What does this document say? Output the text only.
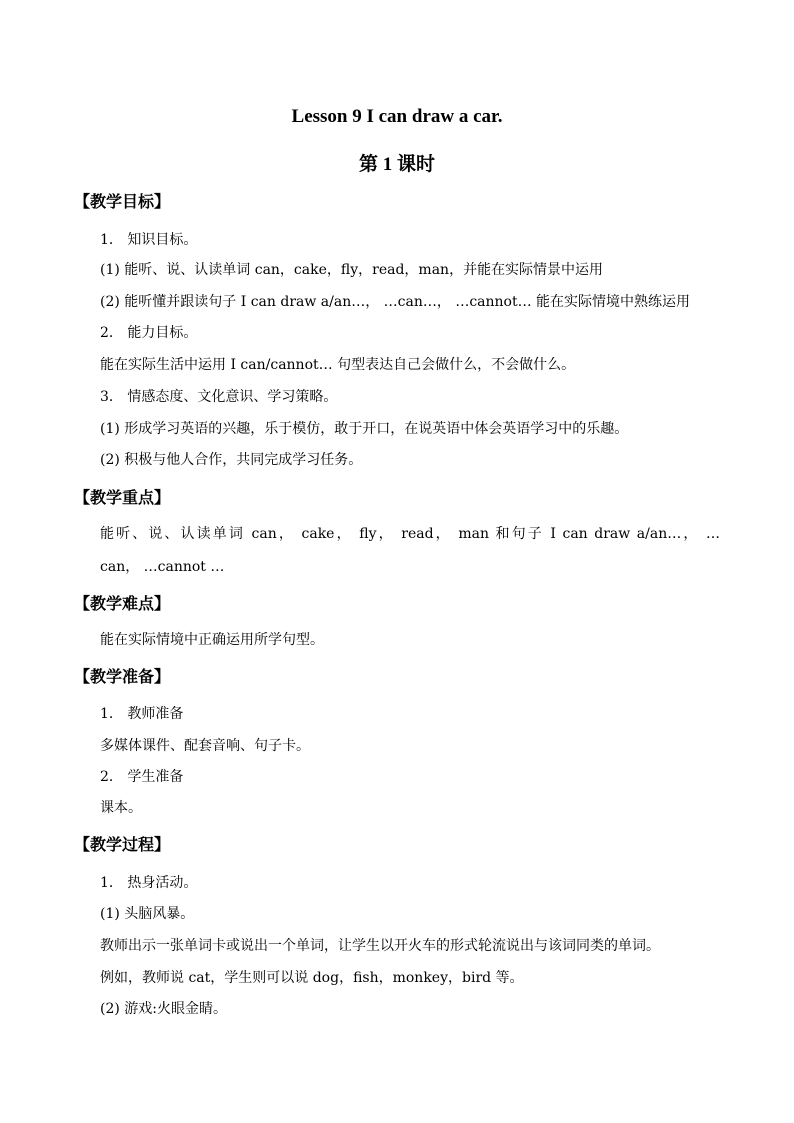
Lesson 9 I can draw a car.
第 1 课时
【教学目标】
1． 知识目标。
(1) 能听、说、认读单词 can，cake，fly，read，man，并能在实际情景中运用
(2) 能听懂并跟读句子 I can draw a/an…， …can…， …cannot… 能在实际情境中熟练运用
2． 能力目标。
能在实际生活中运用 I can/cannot… 句型表达自己会做什么，不会做什么。
3． 情感态度、文化意识、学习策略。
(1) 形成学习英语的兴趣，乐于模仿，敢于开口，在说英语中体会英语学习中的乐趣。
(2) 积极与他人合作，共同完成学习任务。
【教学重点】
能听、说、认读单词 can， cake， fly， read， man 和句子 I can draw a/an…， …
can， …cannot …
【教学难点】
能在实际情境中正确运用所学句型。
【教学准备】
1． 教师准备
多媒体课件、配套音响、句子卡。
2． 学生准备
课本。
【教学过程】
1． 热身活动。
(1) 头脑风暴。
教师出示一张单词卡或说出一个单词，让学生以开火车的形式轮流说出与该词同类的单词。
例如，教师说 cat，学生则可以说 dog，fish，monkey，bird 等。
(2) 游戏:火眼金睛。
